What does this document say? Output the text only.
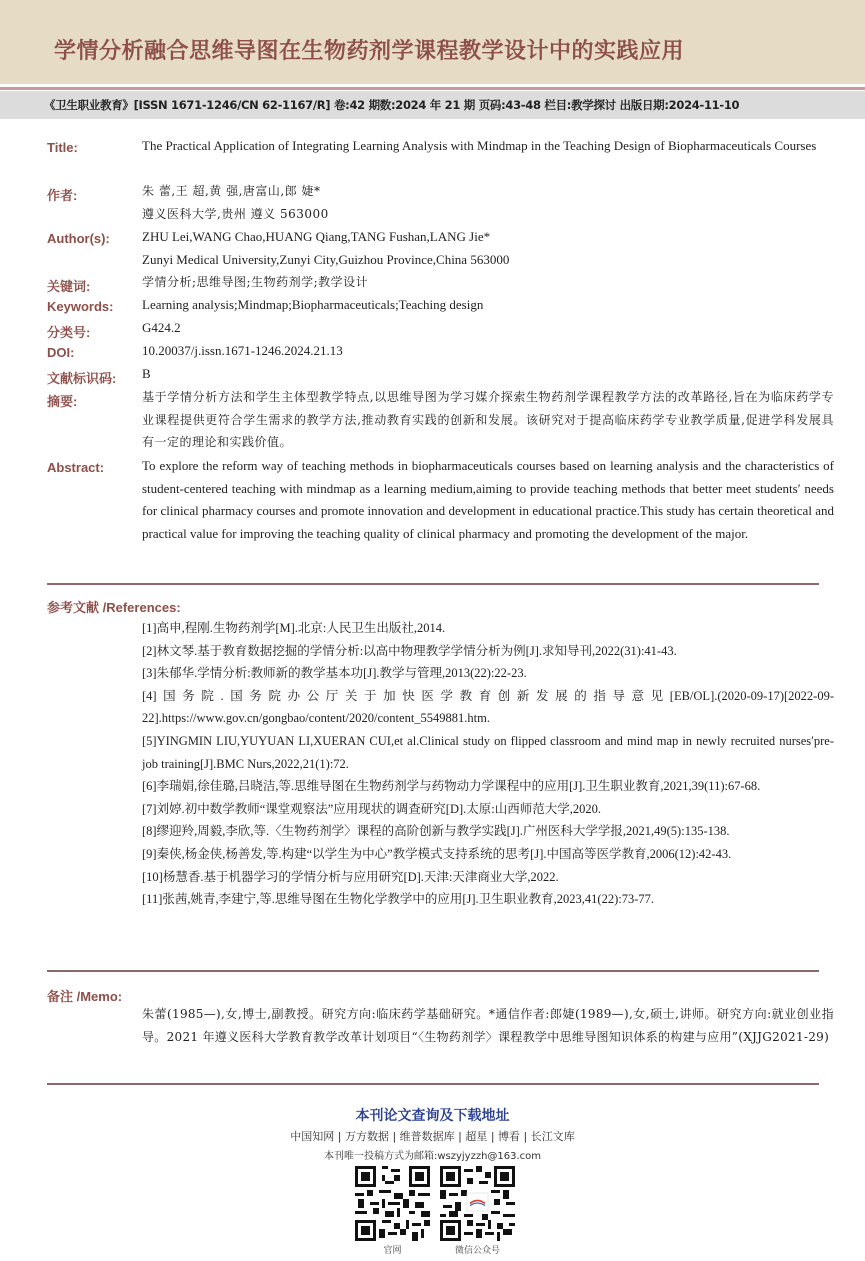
学情分析融合思维导图在生物药剂学课程教学设计中的实践应用
《卫生职业教育》[ISSN 1671-1246/CN 62-1167/R] 卷:42 期数:2024 年 21 期 页码:43-48 栏目:教学探讨 出版日期:2024-11-10
Title:	The Practical Application of Integrating Learning Analysis with Mindmap in the Teaching Design of Biopharmaceuticals Courses
作者:	朱 蕾,王 超,黄 强,唐富山,郎 婕*
遵义医科大学,贵州 遵义 563000
Author(s): ZHU Lei,WANG Chao,HUANG Qiang,TANG Fushan,LANG Jie*
Zunyi Medical University,Zunyi City,Guizhou Province,China 563000
关键词:	学情分析;思维导图;生物药剂学;教学设计
Keywords: Learning analysis;Mindmap;Biopharmaceuticals;Teaching design
分类号:	G424.2
DOI:	10.20037/j.issn.1671-1246.2024.21.13
文献标识码: B
摘要:	基于学情分析方法和学生主体型教学特点,以思维导图为学习媒介探索生物药剂学课程教学方法的改革路径,旨在为临床药学专业课程提供更符合学生需求的教学方法,推动教育实践的创新和发展。该研究对于提高临床药学专业教学质量,促进学科发展具有一定的理论和实践价值。
Abstract:	To explore the reform way of teaching methods in biopharmaceuticals courses based on learning analysis and the characteristics of student-centered teaching with mindmap as a learning medium,aiming to provide teaching methods that better meet students′ needs for clinical pharmacy courses and promote innovation and development in educational practice.This study has certain theoretical and practical value for improving the teaching quality of clinical pharmacy and promoting the development of the major.
参考文献 /References:
[1]高申,程刚.生物药剂学[M].北京:人民卫生出版社,2014.
[2]林文琴.基于教育数据挖掘的学情分析:以高中物理教学学情分析为例[J].求知导刊,2022(31):41-43.
[3]朱郁华.学情分析:教师新的教学基本功[J].教学与管理,2013(22):22-23.
[4]国务院.国务院办公厅关于加快医学教育创新发展的指导意见[EB/OL].(2020-09-17)[2022-09-22].https://www.gov.cn/gongbao/content/2020/content_5549881.htm.
[5]YINGMIN LIU,YUYUAN LI,XUERAN CUI,et al.Clinical study on flipped classroom and mind map in newly recruited nurses′pre-job training[J].BMC Nurs,2022,21(1):72.
[6]李瑞娟,徐佳璐,吕晓洁,等.思维导图在生物药剂学与药物动力学课程中的应用[J].卫生职业教育,2021,39(11):67-68.
[7]刘婷.初中数学教师“课堂观察法”应用现状的调查研究[D].太原:山西师范大学,2020.
[8]缪迎羚,周毅,李欣,等.〈生物药剂学〉课程的高阶创新与教学实践[J].广州医科大学学报,2021,49(5):135-138.
[9]秦侠,杨金侠,杨善发,等.构建“以学生为中心”教学模式支持系统的思考[J].中国高等医学教育,2006(12):42-43.
[10]杨慧香.基于机器学习的学情分析与应用研究[D].天津:天津商业大学,2022.
[11]张茜,姚青,李建宁,等.思维导图在生物化学教学中的应用[J].卫生职业教育,2023,41(22):73-77.
备注 /Memo:
朱蕾(1985—),女,博士,副教授。研究方向:临床药学基础研究。*通信作者:郎婕(1989—),女,硕士,讲师。研究方向:就业创业指导。2021 年遵义医科大学教育教学改革计划项目“〈生物药剂学〉课程教学中思维导图知识体系的构建与应用”(XJJG2021-29)
本刊论文查询及下载地址
中国知网 | 万方数据 | 维普数据库 | 超星 | 博看 | 长江文库
本刊唯一投稿方式为邮箱:wszyjyzzh@163.com
官网	微信公众号
